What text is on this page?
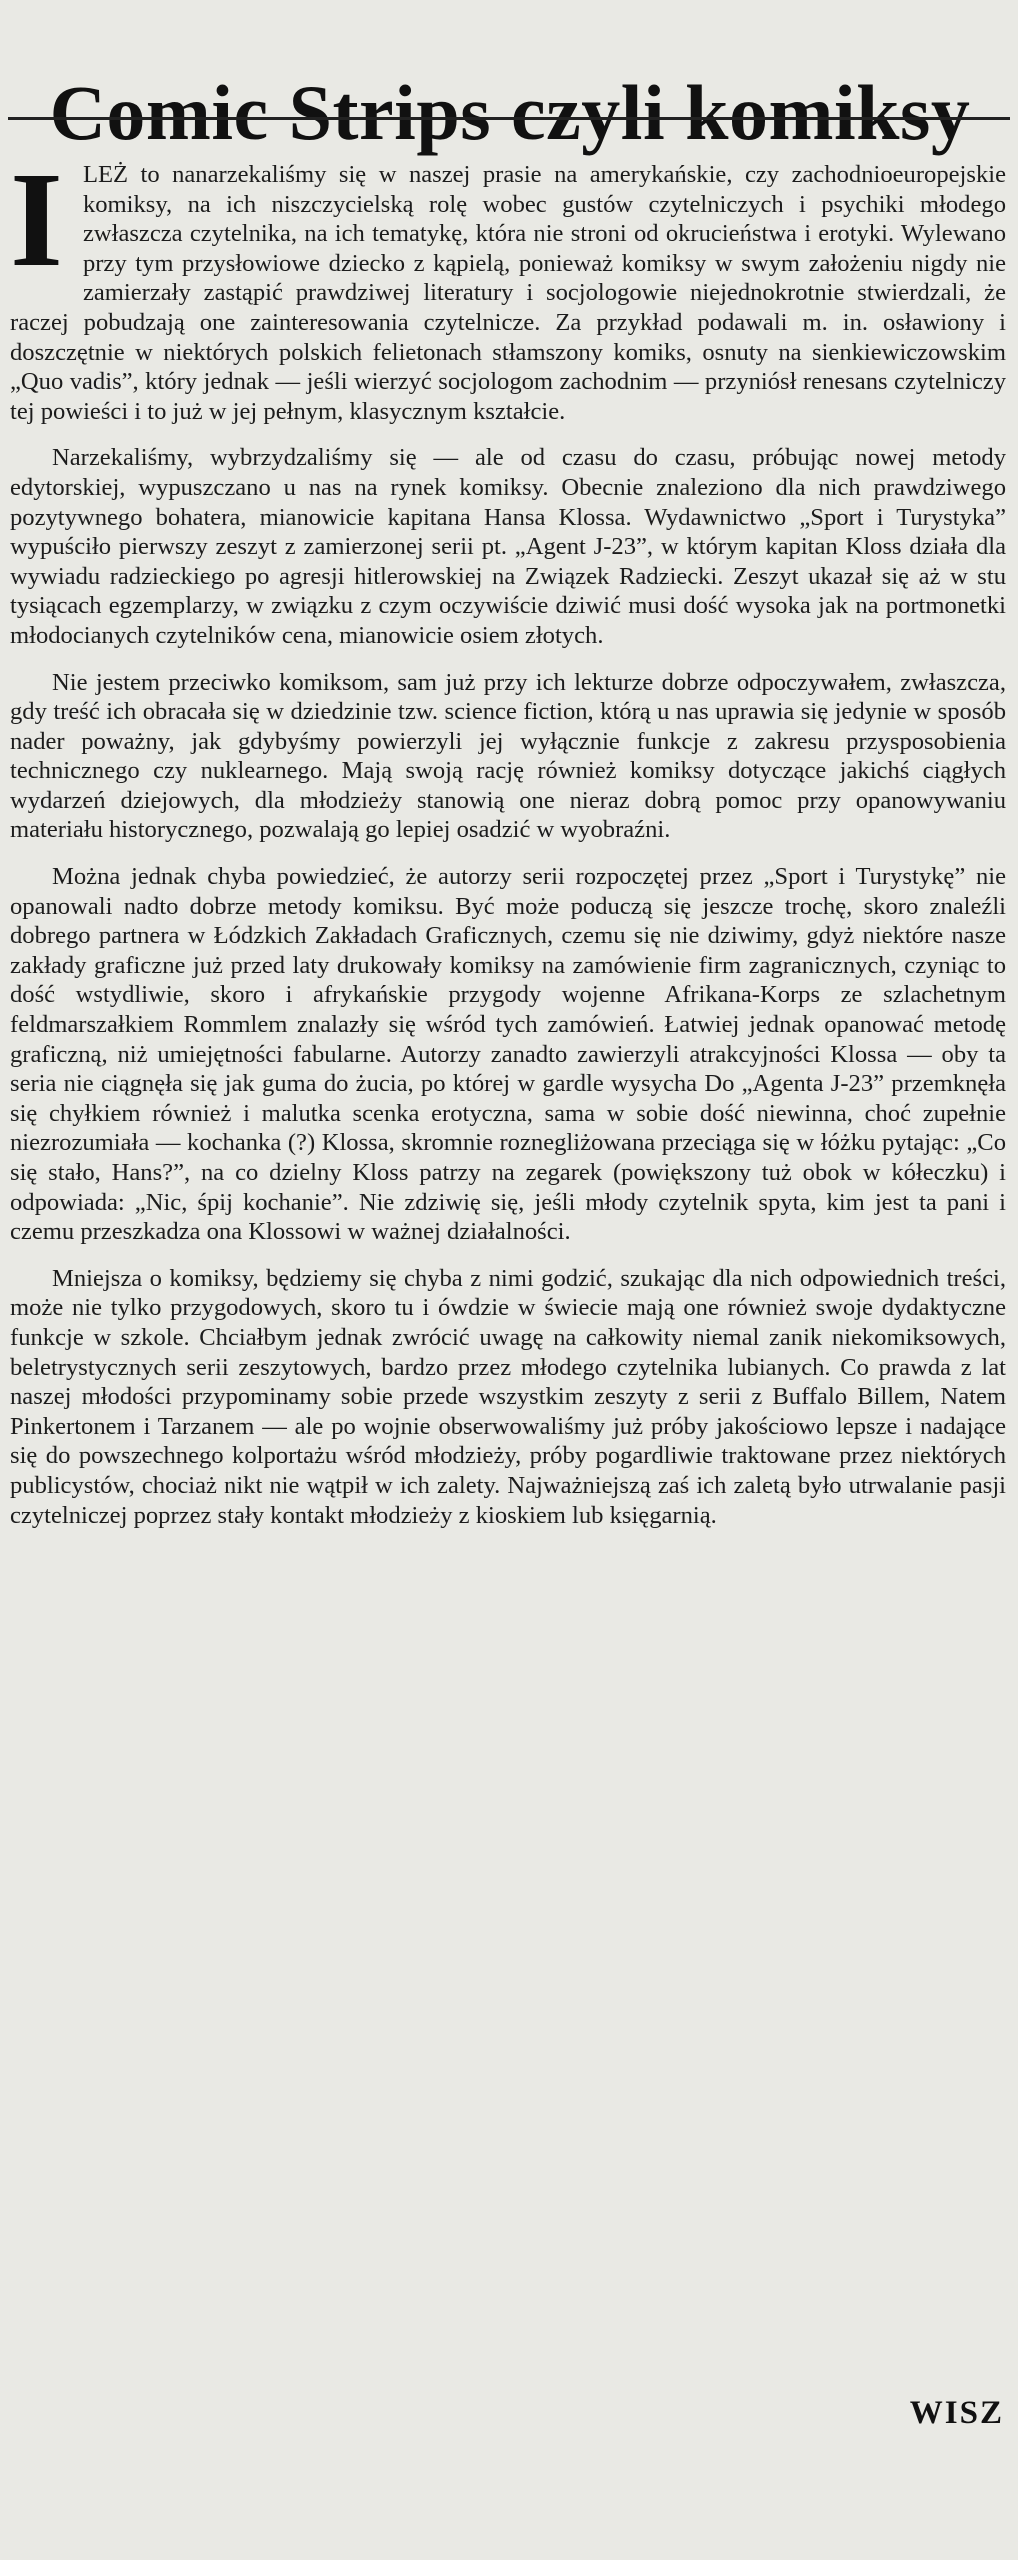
Comic Strips czyli komiksy

ILEŻ to nanarzekaliśmy się w naszej prasie na amerykańskie, czy zachodnioeuropejskie komiksy, na ich niszczycielską rolę wobec gustów czytelniczych i psychiki młodego zwłaszcza czytelnika, na ich tematykę, która nie stroni od okrucieństwa i erotyki. Wylewano przy tym przysłowiowe dziecko z kąpielą, ponieważ komiksy w swym założeniu nigdy nie zamierzały zastąpić prawdziwej literatury i socjologowie niejednokrotnie stwierdzali, że raczej pobudzają one zainteresowania czytelnicze. Za przykład podawali m. in. osławiony i doszczętnie w niektórych polskich felietonach stłamszony komiks, osnuty na sienkiewiczowskim „Quo vadis”, który jednak — jeśli wierzyć socjologom zachodnim — przyniósł renesans czytelniczy tej powieści i to już w jej pełnym, klasycznym kształcie.

Narzekaliśmy, wybrzydzaliśmy się — ale od czasu do czasu, próbując nowej metody edytorskiej, wypuszczano u nas na rynek komiksy. Obecnie znaleziono dla nich prawdziwego pozytywnego bohatera, mianowicie kapitana Hansa Klossa. Wydawnictwo „Sport i Turystyka” wypuściło pierwszy zeszyt z zamierzonej serii pt. „Agent J-23”, w którym kapitan Kloss działa dla wywiadu radzieckiego po agresji hitlerowskiej na Związek Radziecki. Zeszyt ukazał się aż w stu tysiącach egzemplarzy, w związku z czym oczywiście dziwić musi dość wysoka jak na portmonetki młodocianych czytelników cena, mianowicie osiem złotych.

Nie jestem przeciwko komiksom, sam już przy ich lekturze dobrze odpoczywałem, zwłaszcza, gdy treść ich obracała się w dziedzinie tzw. science fiction, którą u nas uprawia się jedynie w sposób nader poważny, jak gdybyśmy powierzyli jej wyłącznie funkcje z zakresu przysposobienia technicznego czy nuklearnego. Mają swoją rację również komiksy dotyczące jakichś ciągłych wydarzeń dziejowych, dla młodzieży stanowią one nieraz dobrą pomoc przy opanowywaniu materiału historycznego, pozwalają go lepiej osadzić w wyobraźni.

Można jednak chyba powiedzieć, że autorzy serii rozpoczętej przez „Sport i Turystykę” nie opanowali nadto dobrze metody komiksu. Być może poduczą się jeszcze trochę, skoro znaleźli dobrego partnera w Łódzkich Zakładach Graficznych, czemu się nie dziwimy, gdyż niektóre nasze zakłady graficzne już przed laty drukowały komiksy na zamówienie firm zagranicznych, czyniąc to dość wstydliwie, skoro i afrykańskie przygody wojenne Afrikana-Korps ze szlachetnym feldmarszałkiem Rommlem znalazły się wśród tych zamówień. Łatwiej jednak opanować metodę graficzną, niż umiejętności fabularne. Autorzy zanadto zawierzyli atrakcyjności Klossa — oby ta seria nie ciągnęła się jak guma do żucia, po której w gardle wysycha Do „Agenta J-23” przemknęła się chyłkiem również i malutka scenka erotyczna, sama w sobie dość niewinna, choć zupełnie niezrozumiała — kochanka (?) Klossa, skromnie roznegliżowana przeciąga się w łóżku pytając: „Co się stało, Hans?”, na co dzielny Kloss patrzy na zegarek (powiększony tuż obok w kółeczku) i odpowiada: „Nic, śpij kochanie”. Nie zdziwię się, jeśli młody czytelnik spyta, kim jest ta pani i czemu przeszkadza ona Klossowi w ważnej działalności.

Mniejsza o komiksy, będziemy się chyba z nimi godzić, szukając dla nich odpowiednich treści, może nie tylko przygodowych, skoro tu i ówdzie w świecie mają one również swoje dydaktyczne funkcje w szkole. Chciałbym jednak zwrócić uwagę na całkowity niemal zanik niekomiksowych, beletrystycznych serii zeszytowych, bardzo przez młodego czytelnika lubianych. Co prawda z lat naszej młodości przypominamy sobie przede wszystkim zeszyty z serii z Buffalo Billem, Natem Pinkertonem i Tarzanem — ale po wojnie obserwowaliśmy już próby jakościowo lepsze i nadające się do powszechnego kolportażu wśród młodzieży, próby pogardliwie traktowane przez niektórych publicystów, chociaż nikt nie wątpił w ich zalety. Najważniejszą zaś ich zaletą było utrwalanie pasji czytelniczej poprzez stały kontakt młodzieży z kioskiem lub księgarnią.

WISZ
